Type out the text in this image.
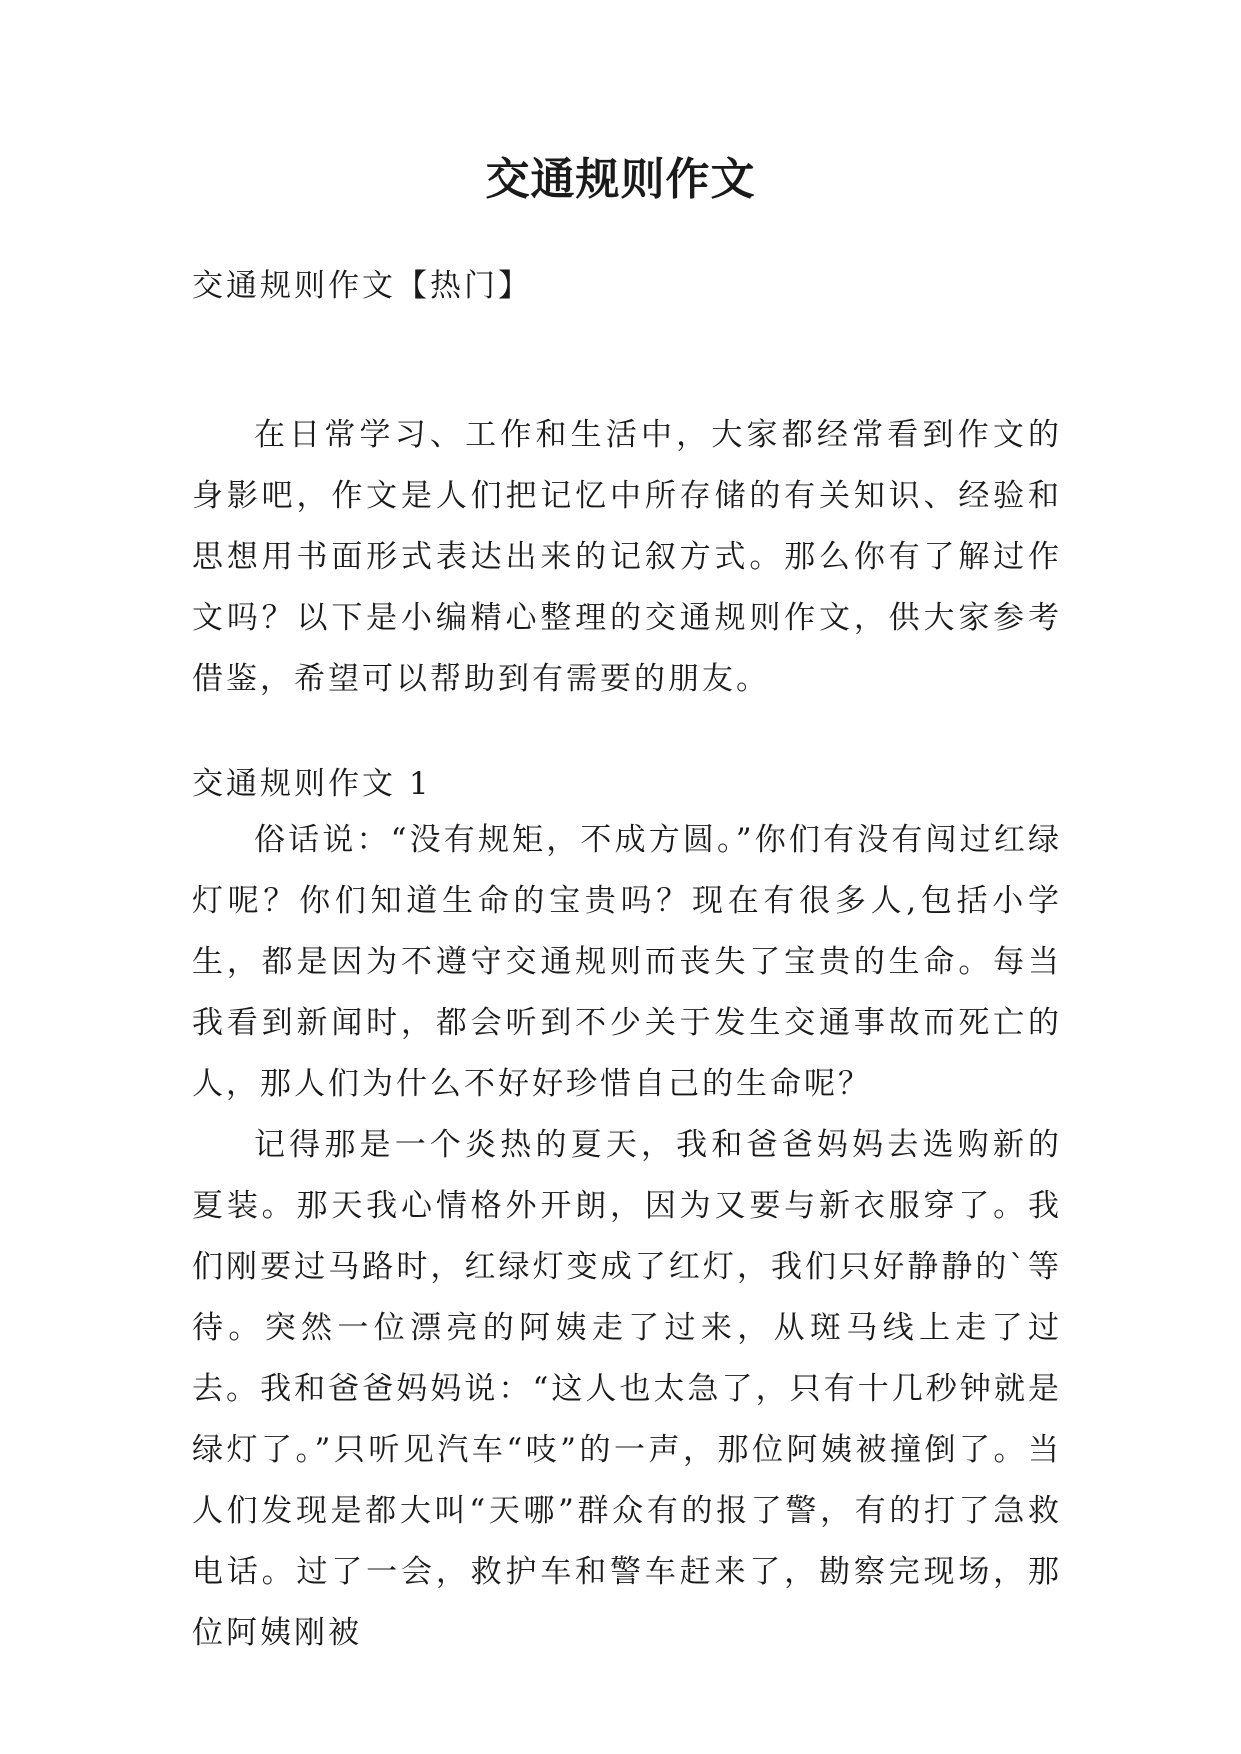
交通规则作文
交通规则作文【热门】

在日常学习、工作和生活中，大家都经常看到作文的身影吧，作文是人们把记忆中所存储的有关知识、经验和思想用书面形式表达出来的记叙方式。那么你有了解过作文吗？以下是小编精心整理的交通规则作文，供大家参考借鉴，希望可以帮助到有需要的朋友。

交通规则作文 1

俗话说：“没有规矩，不成方圆。”你们有没有闯过红绿灯呢？你们知道生命的宝贵吗？现在有很多人,包括小学生，都是因为不遵守交通规则而丧失了宝贵的生命。每当我看到新闻时，都会听到不少关于发生交通事故而死亡的人，那人们为什么不好好珍惜自己的生命呢？

记得那是一个炎热的夏天，我和爸爸妈妈去选购新的夏装。那天我心情格外开朗，因为又要与新衣服穿了。我们刚要过马路时，红绿灯变成了红灯，我们只好静静的`等待。突然一位漂亮的阿姨走了过来，从斑马线上走了过去。我和爸爸妈妈说：“这人也太急了，只有十几秒钟就是绿灯了。”只听见汽车“吱”的一声，那位阿姨被撞倒了。当人们发现是都大叫“天哪”群众有的报了警，有的打了急救电话。过了一会，救护车和警车赶来了，勘察完现场，那位阿姨刚被
